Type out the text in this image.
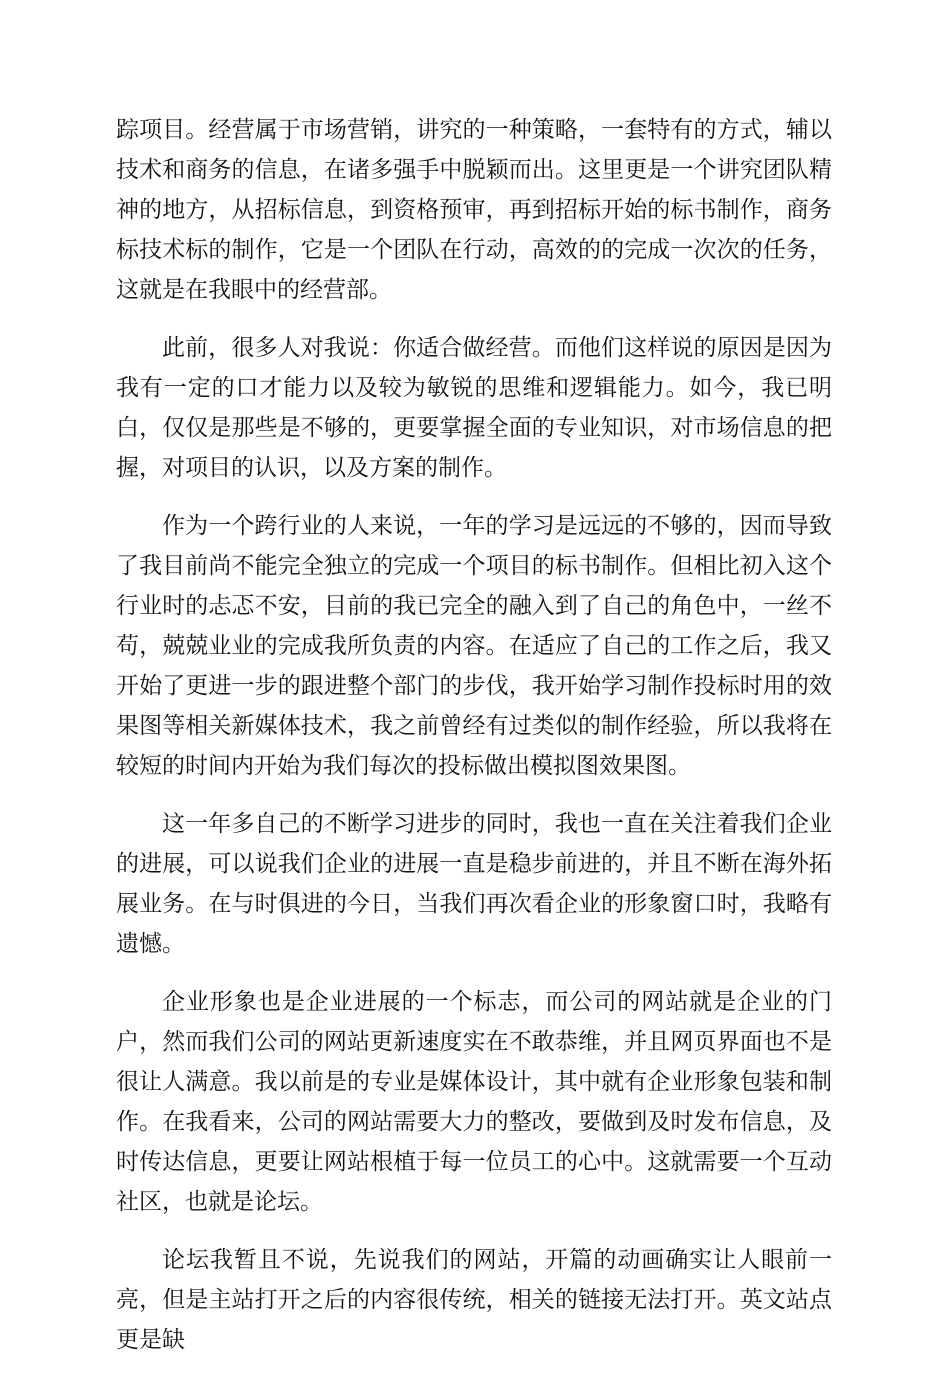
踪项目。经营属于市场营销，讲究的一种策略，一套特有的方式，辅以技术和商务的信息，在诸多强手中脱颖而出。这里更是一个讲究团队精神的地方，从招标信息，到资格预审，再到招标开始的标书制作，商务标技术标的制作，它是一个团队在行动，高效的的完成一次次的任务，这就是在我眼中的经营部。

此前，很多人对我说：你适合做经营。而他们这样说的原因是因为我有一定的口才能力以及较为敏锐的思维和逻辑能力。如今，我已明白，仅仅是那些是不够的，更要掌握全面的专业知识，对市场信息的把握，对项目的认识，以及方案的制作。

作为一个跨行业的人来说，一年的学习是远远的不够的，因而导致了我目前尚不能完全独立的完成一个项目的标书制作。但相比初入这个行业时的忐忑不安，目前的我已完全的融入到了自己的角色中，一丝不苟，兢兢业业的完成我所负责的内容。在适应了自己的工作之后，我又开始了更进一步的跟进整个部门的步伐，我开始学习制作投标时用的效果图等相关新媒体技术，我之前曾经有过类似的制作经验，所以我将在较短的时间内开始为我们每次的投标做出模拟图效果图。

这一年多自己的不断学习进步的同时，我也一直在关注着我们企业的进展，可以说我们企业的进展一直是稳步前进的，并且不断在海外拓展业务。在与时俱进的今日，当我们再次看企业的形象窗口时，我略有遗憾。

企业形象也是企业进展的一个标志，而公司的网站就是企业的门户，然而我们公司的网站更新速度实在不敢恭维，并且网页界面也不是很让人满意。我以前是的专业是媒体设计，其中就有企业形象包装和制作。在我看来，公司的网站需要大力的整改，要做到及时发布信息，及时传达信息，更要让网站根植于每一位员工的心中。这就需要一个互动社区，也就是论坛。

论坛我暂且不说，先说我们的网站，开篇的动画确实让人眼前一亮，但是主站打开之后的内容很传统，相关的链接无法打开。英文站点更是缺
